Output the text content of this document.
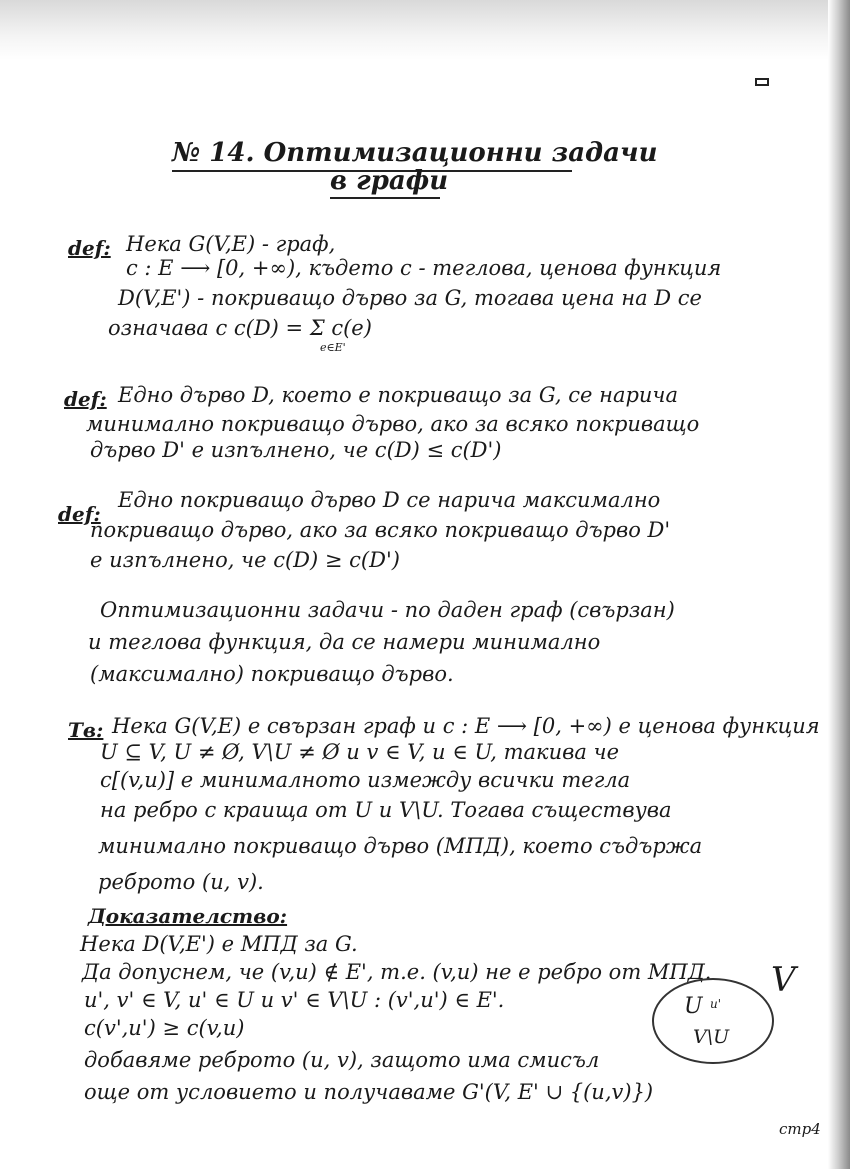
№ 14. Оптимизационни задачи
в графи
def: Нека G(V,E) - граф,
c : E ⟶ [0, +∞), където с - теглова, ценова функция
D(V,E') - покриващо дърво за G, тогава цена на D се
означава с c(D) = Σ c(e)
e∈E'
def: Едно дърво D, което е покриващо за G, се нарича
минимално покриващо дърво, ако за всяко покриващо
дърво D' е изпълнено, че c(D) ≤ c(D')
def:
Едно покриващо дърво D се нарича максимално
покриващо дърво, ако за всяко покриващо дърво D'
е изпълнено, че c(D) ≥ c(D')
Оптимизационни задачи - по даден граф (свързан)
и теглова функция, да се намери минимално
(максимално) покриващо дърво.
Тв: Нека G(V,E) е свързан граф и c : E ⟶ [0, +∞) е ценова функция
U ⊆ V, U ≠ Ø, V\U ≠ Ø и v ∈ V, u ∈ U, такива че
c[(v,u)] е минималното измежду всички тегла
на ребро с краища от U и V\U. Тогава съществува
минимално покриващо дърво (МПД), което съдържа
реброто (u, v).
Доказателство:
Нека D(V,E') е МПД за G.
Да допуснем, че (v,u) ∉ E', т.е. (v,u) не е ребро от МПД.
u', v' ∈ V, u' ∈ U и v' ∈ V\U : (v',u') ∈ E'.
c(v',u') ≥ c(v,u)
добавяме реброто (u, v), защото има смисъл
още от условието и получаваме G'(V, E' ∪ {(u,v)})
U u'
V\U
V
стр4
